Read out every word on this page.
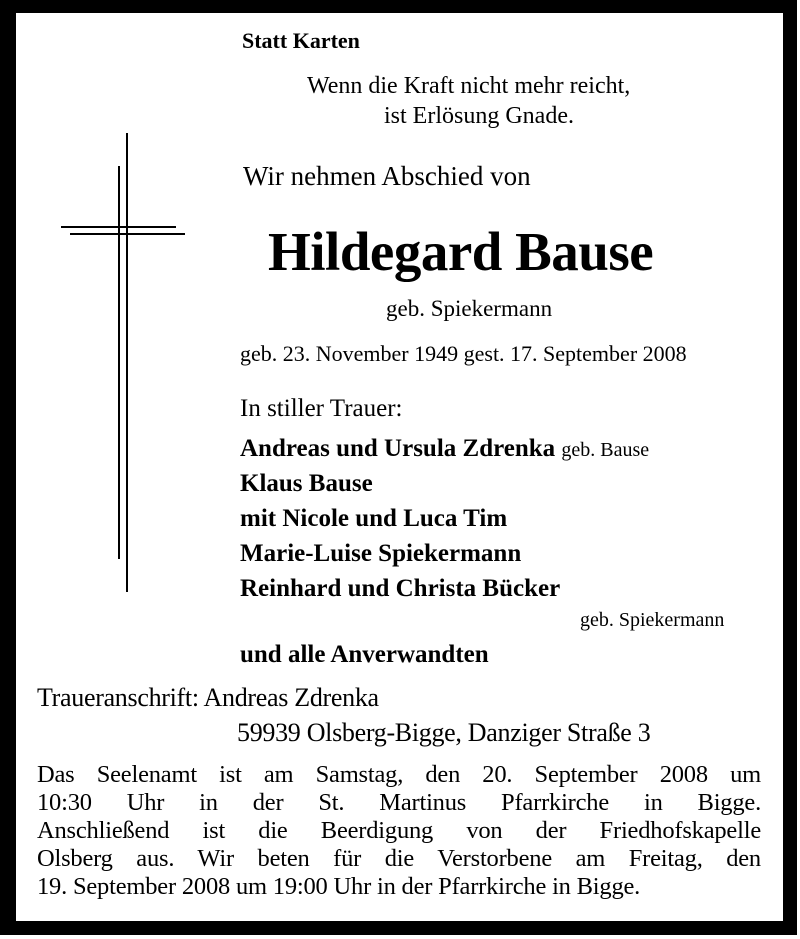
Statt Karten
Wenn die Kraft nicht mehr reicht,
ist Erlösung Gnade.
Wir nehmen Abschied von
Hildegard Bause
geb. Spiekermann
geb. 23. November 1949 gest. 17. September 2008
In stiller Trauer:
Andreas und Ursula Zdrenka geb. Bause
Klaus Bause
mit Nicole und Luca Tim
Marie-Luise Spiekermann
Reinhard und Christa Bücker
geb. Spiekermann
und alle Anverwandten
Traueranschrift: Andreas Zdrenka
59939 Olsberg-Bigge, Danziger Straße 3
Das Seelenamt ist am Samstag, den 20. September 2008 um
10:30 Uhr in der St. Martinus Pfarrkirche in Bigge.
Anschließend ist die Beerdigung von der Friedhofskapelle
Olsberg aus. Wir beten für die Verstorbene am Freitag, den
19. September 2008 um 19:00 Uhr in der Pfarrkirche in Bigge.
